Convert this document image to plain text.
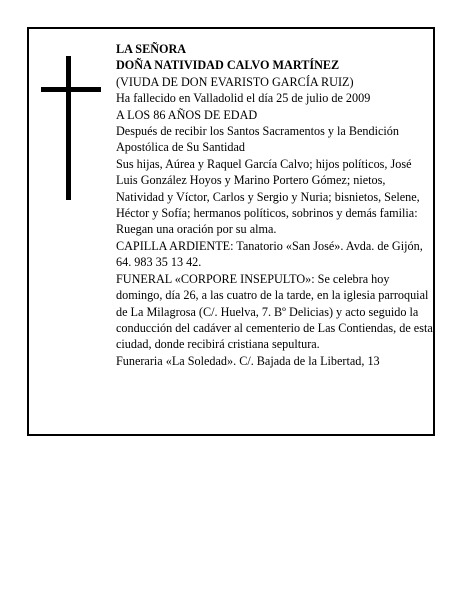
LA SEÑORA
DOÑA NATIVIDAD CALVO MARTÍNEZ
(VIUDA DE DON EVARISTO GARCÍA RUIZ)
Ha fallecido en Valladolid el día 25 de julio de 2009
A LOS 86 AÑOS DE EDAD
Después de recibir los Santos Sacramentos y la Bendición Apostólica de Su Santidad
Sus hijas, Aúrea y Raquel García Calvo; hijos políticos, José Luis González Hoyos y Marino Portero Gómez; nietos, Natividad y Víctor, Carlos y Sergio y Nuria; bisnietos, Selene, Héctor y Sofía; hermanos políticos, sobrinos y demás familia:
Ruegan una oración por su alma.
CAPILLA ARDIENTE: Tanatorio «San José». Avda. de Gijón, 64. 983 35 13 42.
FUNERAL «CORPORE INSEPULTO»: Se celebra hoy domingo, día 26, a las cuatro de la tarde, en la iglesia parroquial de La Milagrosa (C/. Huelva, 7. Bº Delicias) y acto seguido la conducción del cadáver al cementerio de Las Contiendas, de esta ciudad, donde recibirá cristiana sepultura.
Funeraria «La Soledad». C/. Bajada de la Libertad, 13
